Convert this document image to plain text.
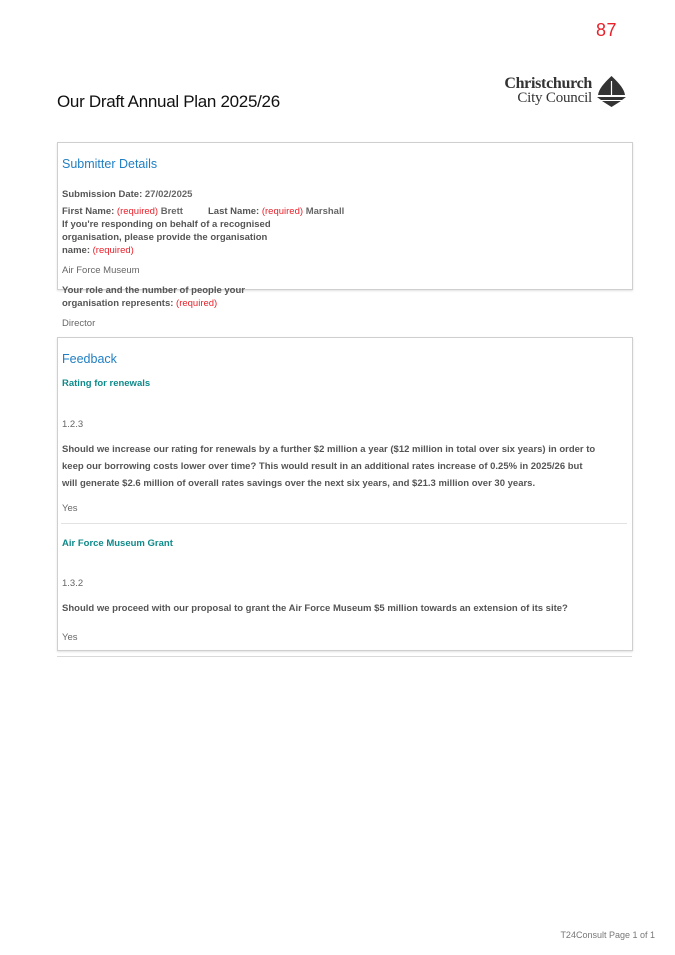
87
Our Draft Annual Plan 2025/26
Christchurch
City Council
Submitter Details
Submission Date: 27/02/2025
First Name: (required) Brett	Last Name: (required) Marshall
If you're responding on behalf of a recognised
organisation, please provide the organisation
name: (required)
Air Force Museum
Your role and the number of people your
organisation represents: (required)
Director
Feedback
Rating for renewals
1.2.3
Should we increase our rating for renewals by a further $2 million a year ($12 million in total over six years) in order to
keep our borrowing costs lower over time? This would result in an additional rates increase of 0.25% in 2025/26 but
will generate $2.6 million of overall rates savings over the next six years, and $21.3 million over 30 years.
Yes
Air Force Museum Grant
1.3.2
Should we proceed with our proposal to grant the Air Force Museum $5 million towards an extension of its site?
Yes
T24Consult Page 1 of 1
